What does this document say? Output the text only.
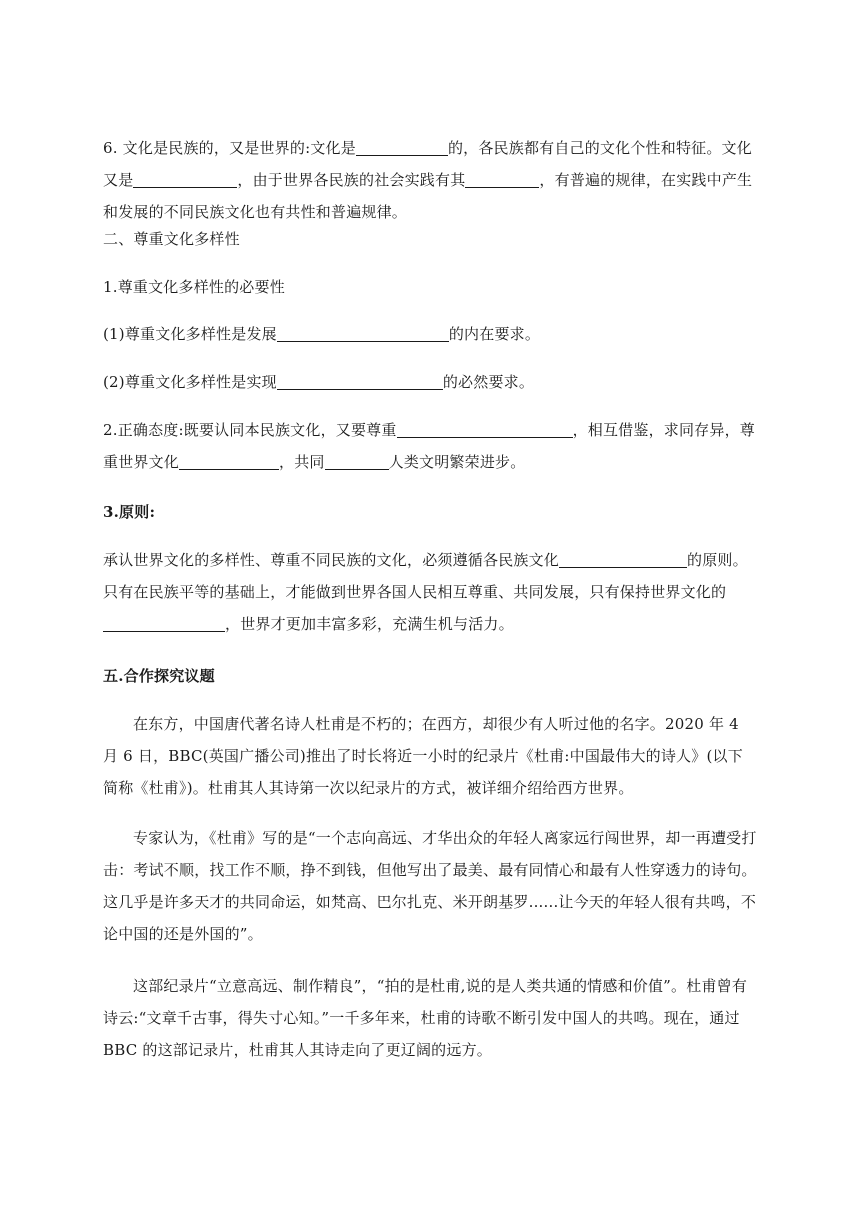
6. 文化是民族的，又是世界的:文化是	的，各民族都有自己的文化个性和特征。文化又是	，由于世界各民族的社会实践有其	，有普遍的规律，在实践中产生和发展的不同民族文化也有共性和普遍规律。

二、尊重文化多样性

1.尊重文化多样性的必要性

(1)尊重文化多样性是发展	的内在要求。

(2)尊重文化多样性是实现	的必然要求。

2.正确态度:既要认同本民族文化，又要尊重	，相互借鉴，求同存异，尊重世界文化	，共同	人类文明繁荣进步。

3.原则:

承认世界文化的多样性、尊重不同民族的文化，必须遵循各民族文化	的原则。只有在民族平等的基础上，才能做到世界各国人民相互尊重、共同发展，只有保持世界文化的，世界才更加丰富多彩，充满生机与活力。

五.合作探究议题

在东方，中国唐代著名诗人杜甫是不朽的；在西方，却很少有人听过他的名字。2020 年 4 月 6 日，BBC(英国广播公司)推出了时长将近一小时的纪录片《杜甫:中国最伟大的诗人》(以下简称《杜甫》)。杜甫其人其诗第一次以纪录片的方式，被详细介绍给西方世界。

专家认为，《杜甫》写的是“一个志向高远、才华出众的年轻人离家远行闯世界，却一再遭受打击：考试不顺，找工作不顺，挣不到钱，但他写出了最美、最有同情心和最有人性穿透力的诗句。这几乎是许多天才的共同命运，如梵高、巴尔扎克、米开朗基罗......让今天的年轻人很有共鸣，不论中国的还是外国的”。

这部纪录片“立意高远、制作精良”，“拍的是杜甫,说的是人类共通的情感和价值”。杜甫曾有诗云:“文章千古事，得失寸心知。”一千多年来，杜甫的诗歌不断引发中国人的共鸣。现在，通过 BBC 的这部记录片，杜甫其人其诗走向了更辽阔的远方。
